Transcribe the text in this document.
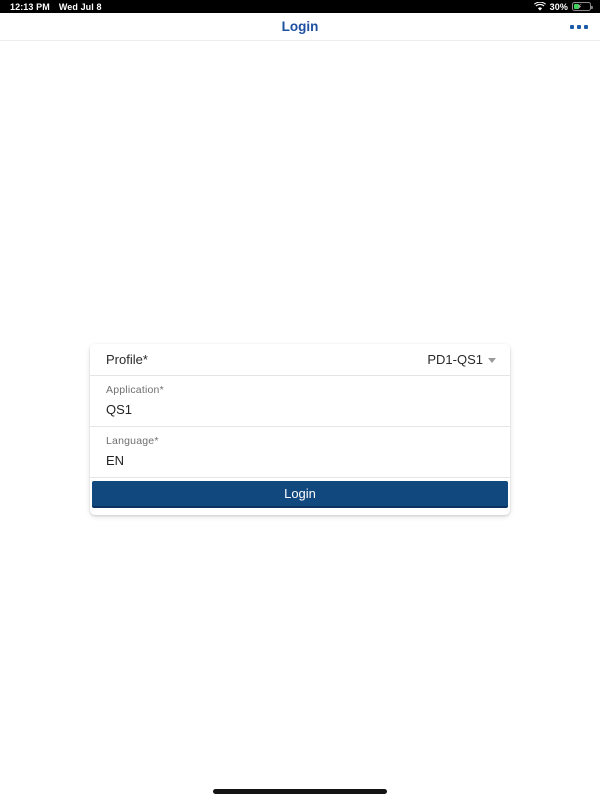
12:13 PM Wed Jul 8	30% ⚡
Login
Profile*	PD1-QS1
Application*
QS1
Language*
EN
Login
